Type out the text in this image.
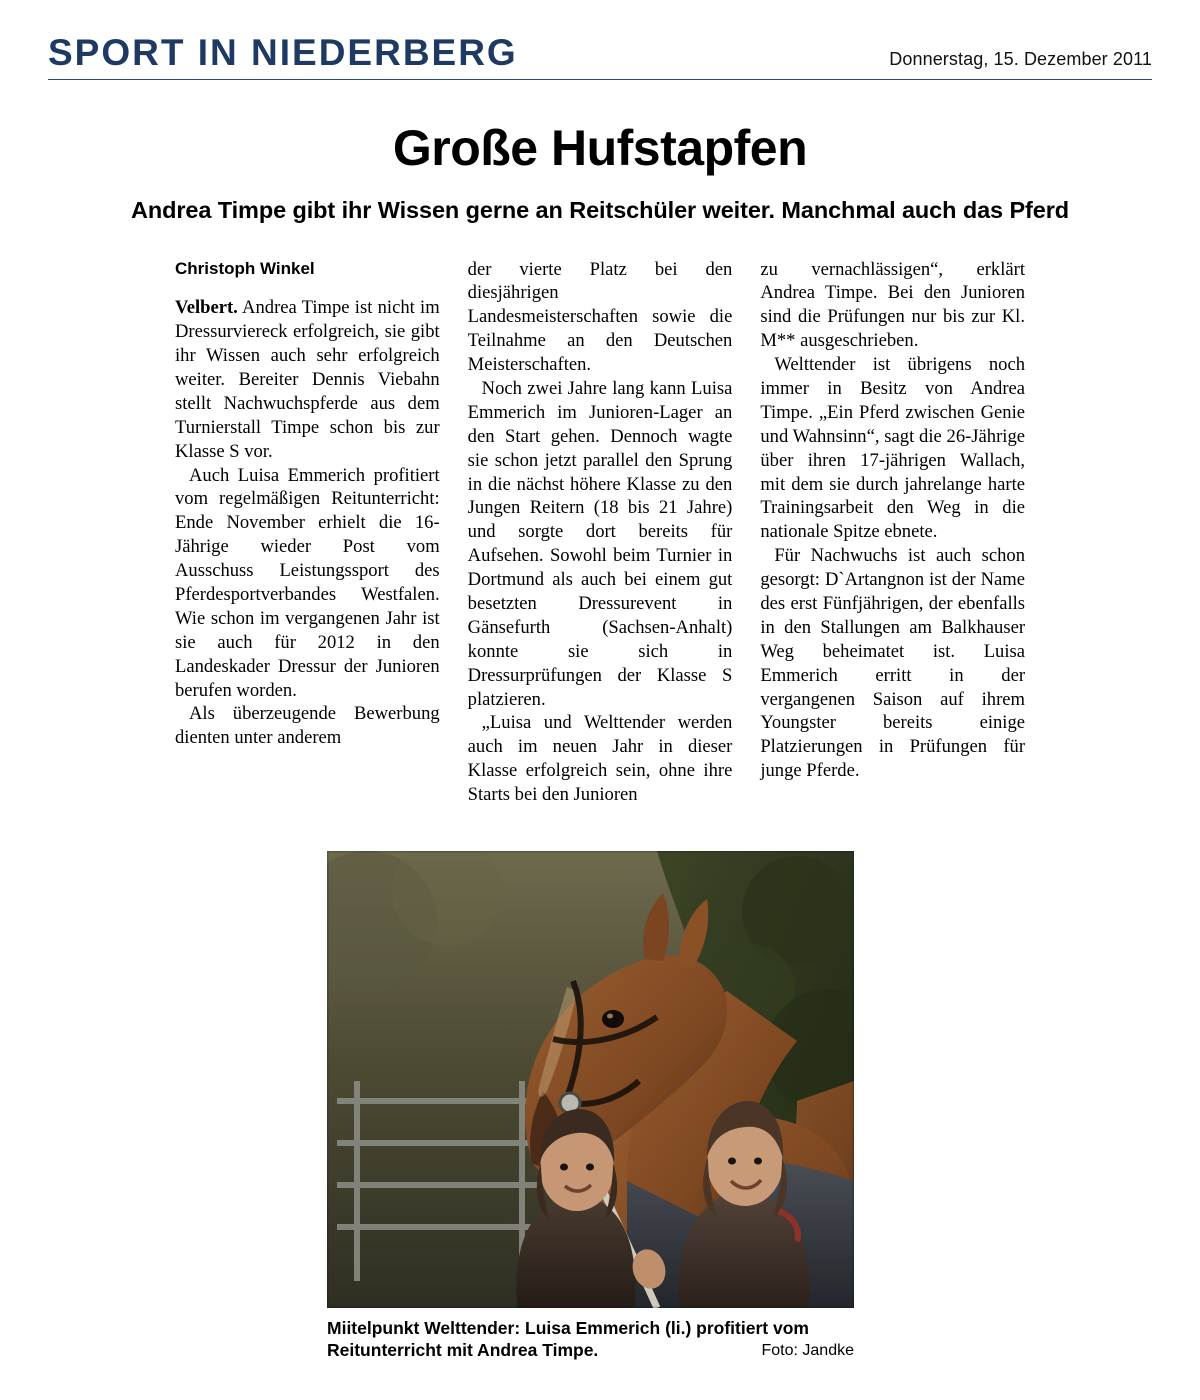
SPORT IN NIEDERBERG	Donnerstag, 15. Dezember 2011
Große Hufstapfen
Andrea Timpe gibt ihr Wissen gerne an Reitschüler weiter. Manchmal auch das Pferd
Christoph Winkel

Velbert. Andrea Timpe ist nicht im Dressurviereck erfolgreich, sie gibt ihr Wissen auch sehr erfolgreich weiter. Bereiter Dennis Viebahn stellt Nachwuchspferde aus dem Turnierstall Timpe schon bis zur Klasse S vor.

Auch Luisa Emmerich profitiert vom regelmäßigen Reitunterricht: Ende November erhielt die 16-Jährige wieder Post vom Ausschuss Leistungssport des Pferdesportverbandes Westfalen. Wie schon im vergangenen Jahr ist sie auch für 2012 in den Landeskader Dressur der Junioren berufen worden.

Als überzeugende Bewerbung dienten unter anderem

der vierte Platz bei den diesjährigen Landesmeisterschaften sowie die Teilnahme an den Deutschen Meisterschaften.

Noch zwei Jahre lang kann Luisa Emmerich im Junioren-Lager an den Start gehen. Dennoch wagte sie schon jetzt parallel den Sprung in die nächst höhere Klasse zu den Jungen Reitern (18 bis 21 Jahre) und sorgte dort bereits für Aufsehen. Sowohl beim Turnier in Dortmund als auch bei einem gut besetzten Dressurevent in Gänsefurth (Sachsen-Anhalt) konnte sie sich in Dressurprüfungen der Klasse S platzieren.

„Luisa und Welttender werden auch im neuen Jahr in dieser Klasse erfolgreich sein, ohne ihre Starts bei den Junioren

zu vernachlässigen“, erklärt Andrea Timpe. Bei den Junioren sind die Prüfungen nur bis zur Kl. M** ausgeschrieben.

Welttender ist übrigens noch immer in Besitz von Andrea Timpe. „Ein Pferd zwischen Genie und Wahnsinn“, sagt die 26-Jährige über ihren 17-jährigen Wallach, mit dem sie durch jahrelange harte Trainingsarbeit den Weg in die nationale Spitze ebnete.

Für Nachwuchs ist auch schon gesorgt: D`Artangnon ist der Name des erst Fünfjährigen, der ebenfalls in den Stallungen am Balkhauser Weg beheimatet ist. Luisa Emmerich erritt in der vergangenen Saison auf ihrem Youngster bereits einige Platzierungen in Prüfungen für junge Pferde.

Miitelpunkt Welttender: Luisa Emmerich (li.) profitiert vom Reitunterricht mit Andrea Timpe.	Foto: Jandke
